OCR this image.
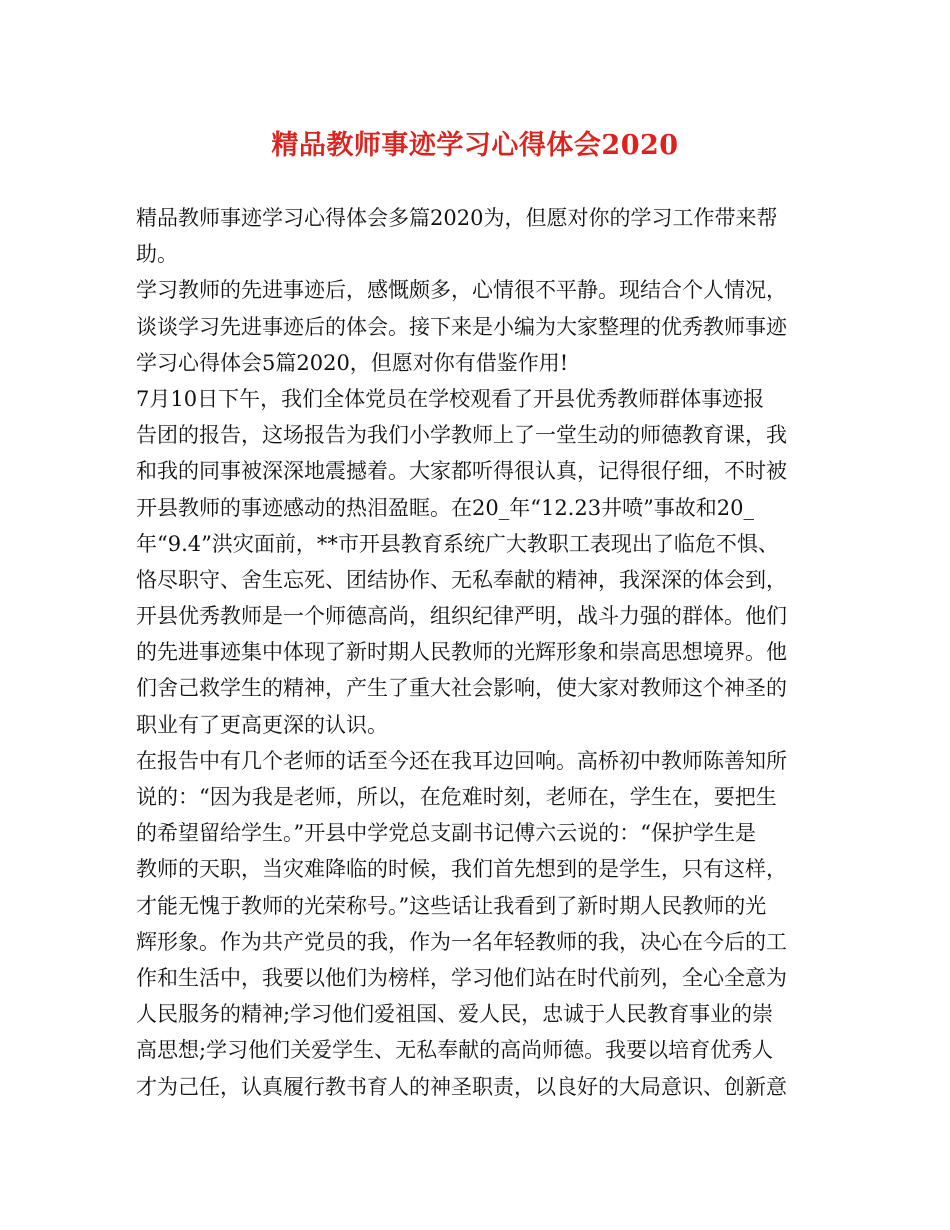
精品教师事迹学习心得体会2020
精品教师事迹学习心得体会多篇2020为，但愿对你的学习工作带来帮
助。
学习教师的先进事迹后，感慨颇多，心情很不平静。现结合个人情况，
谈谈学习先进事迹后的体会。接下来是小编为大家整理的优秀教师事迹
学习心得体会5篇2020，但愿对你有借鉴作用!
7月10日下午，我们全体党员在学校观看了开县优秀教师群体事迹报
告团的报告，这场报告为我们小学教师上了一堂生动的师德教育课，我
和我的同事被深深地震撼着。大家都听得很认真，记得很仔细，不时被
开县教师的事迹感动的热泪盈眶。在20_年“12.23井喷”事故和20_
年“9.4”洪灾面前，**市开县教育系统广大教职工表现出了临危不惧、
恪尽职守、舍生忘死、团结协作、无私奉献的精神，我深深的体会到，
开县优秀教师是一个师德高尚，组织纪律严明，战斗力强的群体。他们
的先进事迹集中体现了新时期人民教师的光辉形象和崇高思想境界。他
们舍己救学生的精神，产生了重大社会影响，使大家对教师这个神圣的
职业有了更高更深的认识。
在报告中有几个老师的话至今还在我耳边回响。高桥初中教师陈善知所
说的：“因为我是老师，所以，在危难时刻，老师在，学生在，要把生
的希望留给学生。”开县中学党总支副书记傅六云说的：“保护学生是
教师的天职，当灾难降临的时候，我们首先想到的是学生，只有这样，
才能无愧于教师的光荣称号。”这些话让我看到了新时期人民教师的光
辉形象。作为共产党员的我，作为一名年轻教师的我，决心在今后的工
作和生活中，我要以他们为榜样，学习他们站在时代前列，全心全意为
人民服务的精神;学习他们爱祖国、爱人民，忠诚于人民教育事业的崇
高思想;学习他们关爱学生、无私奉献的高尚师德。我要以培育优秀人
才为己任，认真履行教书育人的神圣职责，以良好的大局意识、创新意
